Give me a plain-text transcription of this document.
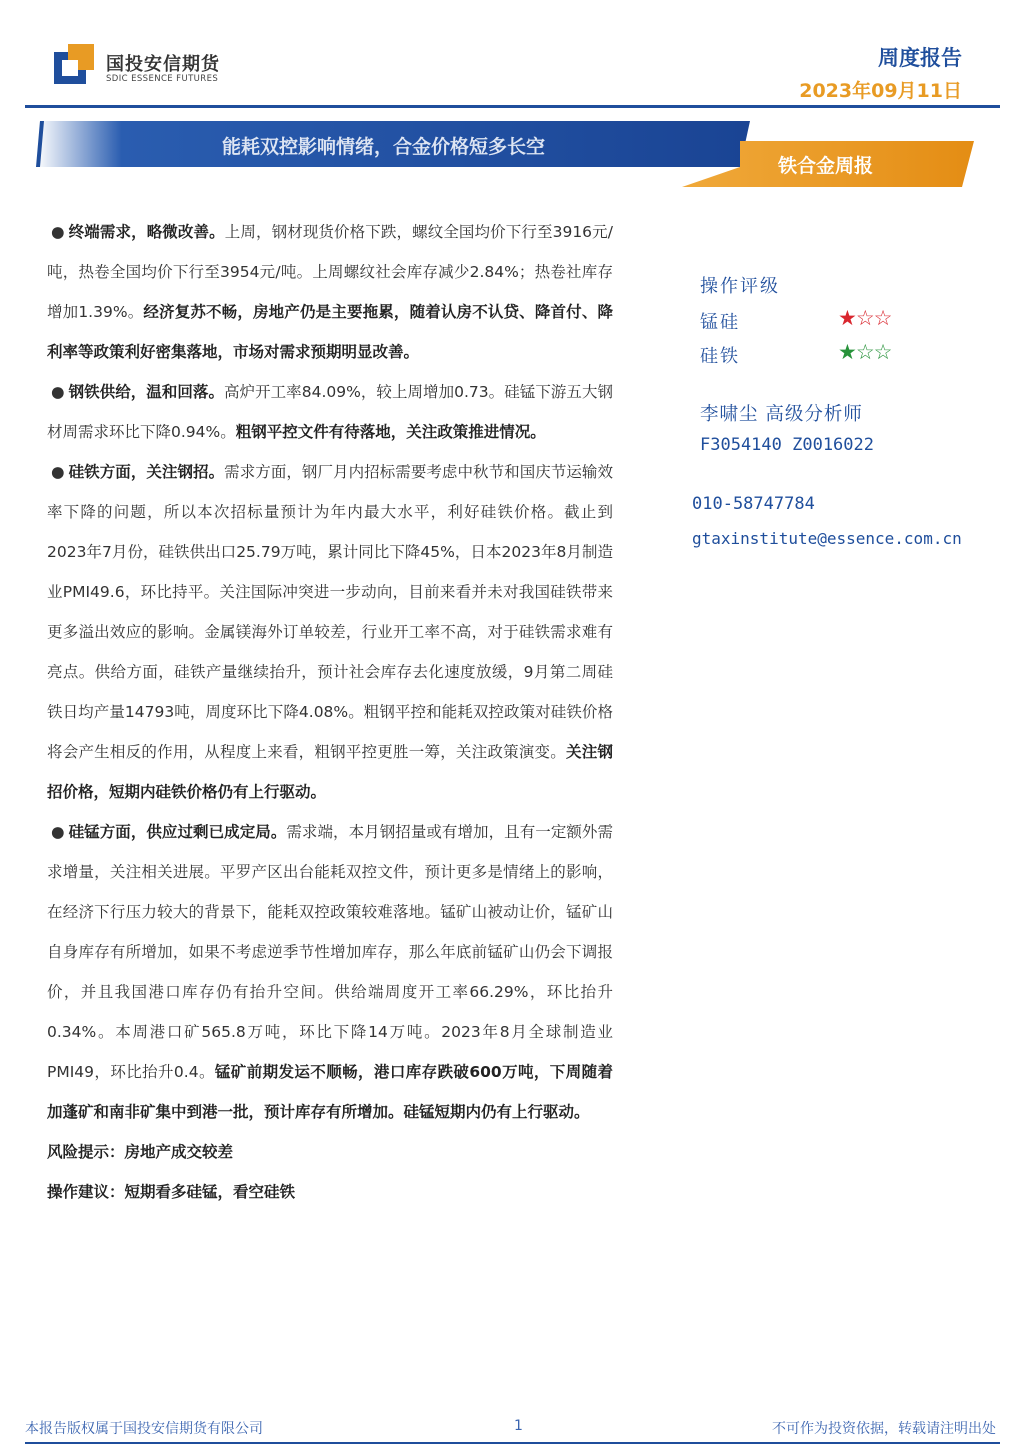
国投安信期货
SDIC ESSENCE FUTURES
周度报告
2023年09月11日
能耗双控影响情绪，合金价格短多长空
铁合金周报

● 终端需求，略微改善。上周，钢材现货价格下跌，螺纹全国均价下行至3916元/吨，热卷全国均价下行至3954元/吨。上周螺纹社会库存减少2.84%；热卷社库存增加1.39%。经济复苏不畅，房地产仍是主要拖累，随着认房不认贷、降首付、降利率等政策利好密集落地，市场对需求预期明显改善。

● 钢铁供给，温和回落。高炉开工率84.09%，较上周增加0.73。硅锰下游五大钢材周需求环比下降0.94%。粗钢平控文件有待落地，关注政策推进情况。

● 硅铁方面，关注钢招。需求方面，钢厂月内招标需要考虑中秋节和国庆节运输效率下降的问题，所以本次招标量预计为年内最大水平，利好硅铁价格。截止到2023年7月份，硅铁供出口25.79万吨，累计同比下降45%，日本2023年8月制造业PMI49.6，环比持平。关注国际冲突进一步动向，目前来看并未对我国硅铁带来更多溢出效应的影响。金属镁海外订单较差，行业开工率不高，对于硅铁需求难有亮点。供给方面，硅铁产量继续抬升，预计社会库存去化速度放缓，9月第二周硅铁日均产量14793吨，周度环比下降4.08%。粗钢平控和能耗双控政策对硅铁价格将会产生相反的作用，从程度上来看，粗钢平控更胜一筹，关注政策演变。关注钢招价格，短期内硅铁价格仍有上行驱动。

● 硅锰方面，供应过剩已成定局。需求端，本月钢招量或有增加，且有一定额外需求增量，关注相关进展。平罗产区出台能耗双控文件，预计更多是情绪上的影响，在经济下行压力较大的背景下，能耗双控政策较难落地。锰矿山被动让价，锰矿山自身库存有所增加，如果不考虑逆季节性增加库存，那么年底前锰矿山仍会下调报价，并且我国港口库存仍有抬升空间。供给端周度开工率66.29%，环比抬升0.34%。本周港口矿565.8万吨，环比下降14万吨。2023年8月全球制造业PMI49，环比抬升0.4。锰矿前期发运不顺畅，港口库存跌破600万吨，下周随着加蓬矿和南非矿集中到港一批，预计库存有所增加。硅锰短期内仍有上行驱动。

风险提示：房地产成交较差

操作建议：短期看多硅锰，看空硅铁

操作评级
锰硅	★☆☆
硅铁	★☆☆
李啸尘 高级分析师
F3054140 Z0016022
010-58747784
gtaxinstitute@essence.com.cn
本报告版权属于国投安信期货有限公司	1	不可作为投资依据，转载请注明出处
